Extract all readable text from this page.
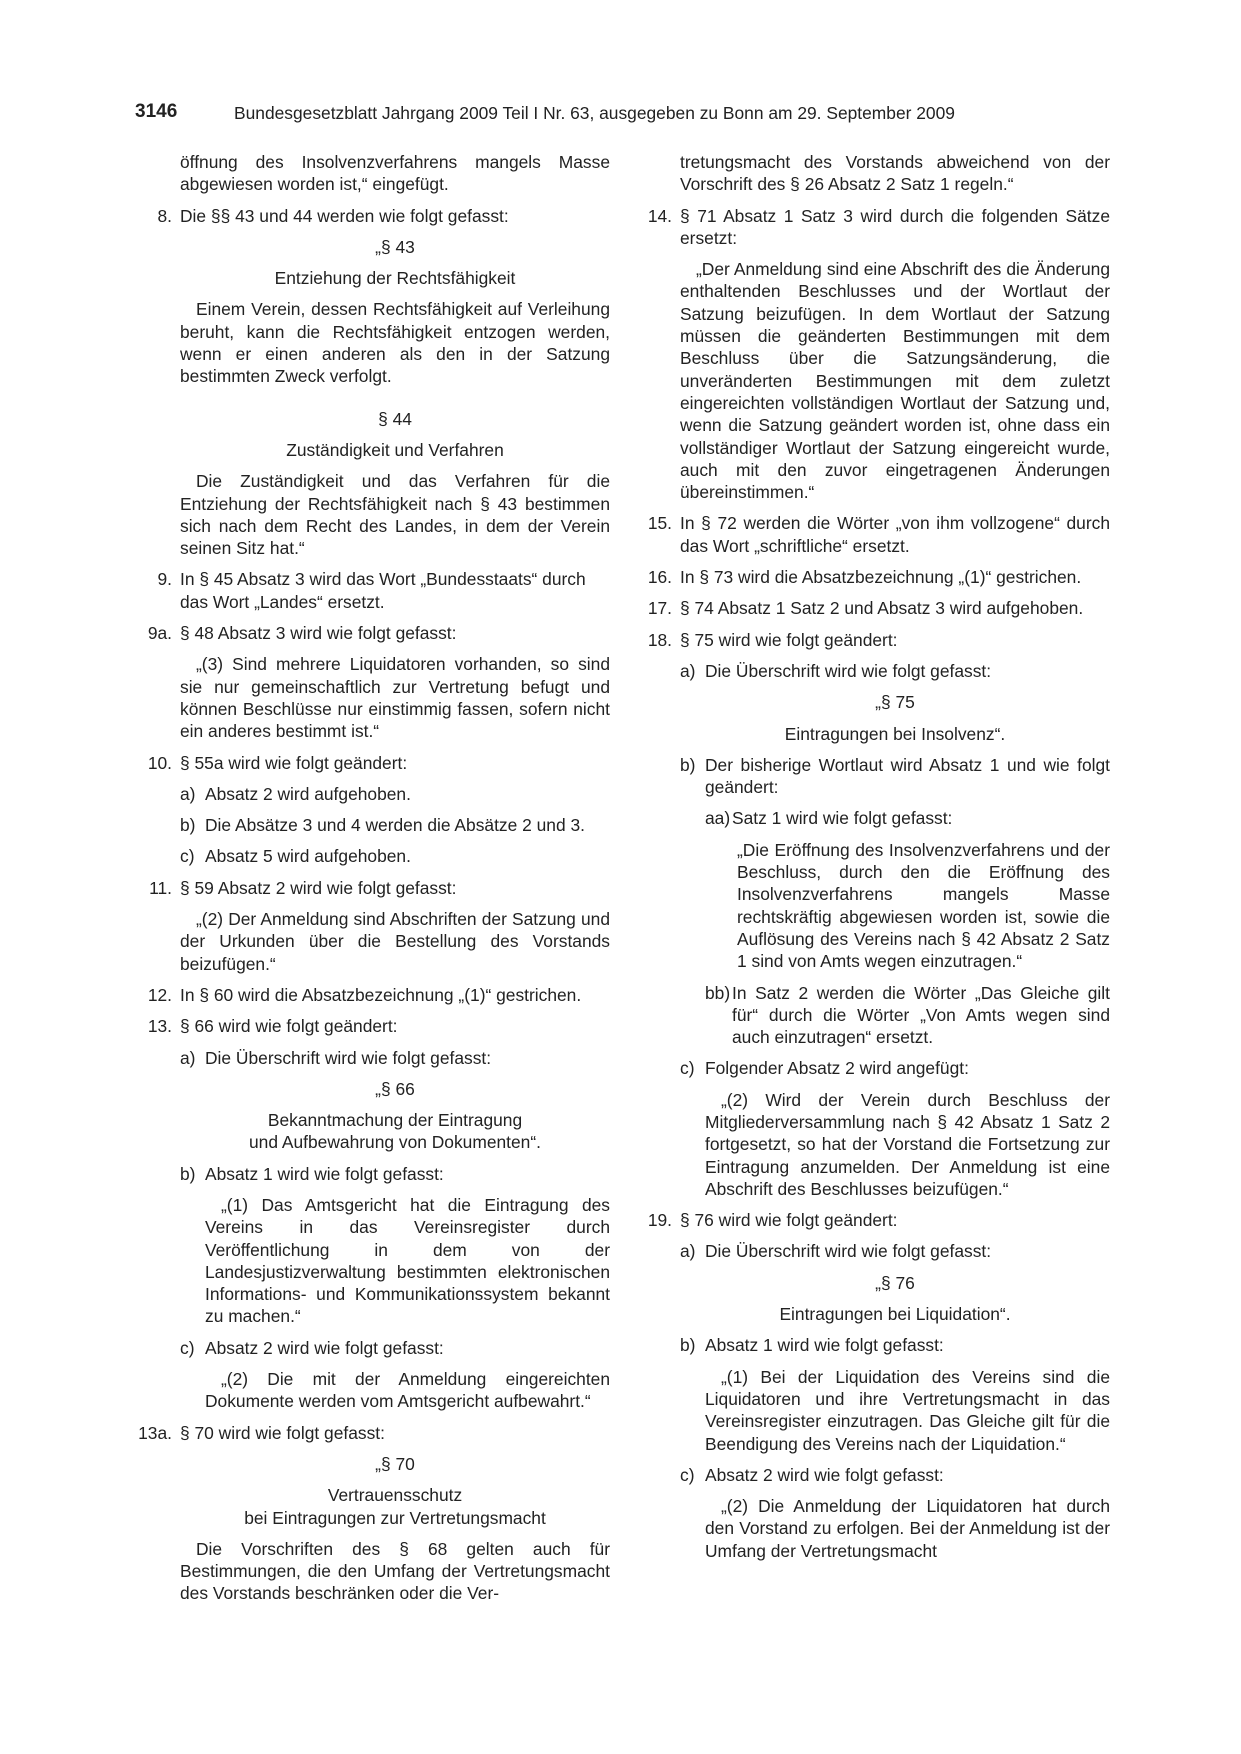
3146	Bundesgesetzblatt Jahrgang 2009 Teil I Nr. 63, ausgegeben zu Bonn am 29. September 2009
öffnung des Insolvenzverfahrens mangels Masse abgewiesen worden ist,“ eingefügt.
8. Die §§ 43 und 44 werden wie folgt gefasst:
„§ 43
Entziehung der Rechtsfähigkeit
Einem Verein, dessen Rechtsfähigkeit auf Verleihung beruht, kann die Rechtsfähigkeit entzogen werden, wenn er einen anderen als den in der Satzung bestimmten Zweck verfolgt.
§ 44
Zuständigkeit und Verfahren
Die Zuständigkeit und das Verfahren für die Entziehung der Rechtsfähigkeit nach § 43 bestimmen sich nach dem Recht des Landes, in dem der Verein seinen Sitz hat.“
9. In § 45 Absatz 3 wird das Wort „Bundesstaats“ durch das Wort „Landes“ ersetzt.
9a. § 48 Absatz 3 wird wie folgt gefasst:
„(3) Sind mehrere Liquidatoren vorhanden, so sind sie nur gemeinschaftlich zur Vertretung befugt und können Beschlüsse nur einstimmig fassen, sofern nicht ein anderes bestimmt ist.“
10. § 55a wird wie folgt geändert:
a) Absatz 2 wird aufgehoben.
b) Die Absätze 3 und 4 werden die Absätze 2 und 3.
c) Absatz 5 wird aufgehoben.
11. § 59 Absatz 2 wird wie folgt gefasst:
„(2) Der Anmeldung sind Abschriften der Satzung und der Urkunden über die Bestellung des Vorstands beizufügen.“
12. In § 60 wird die Absatzbezeichnung „(1)“ gestrichen.
13. § 66 wird wie folgt geändert:
a) Die Überschrift wird wie folgt gefasst:
„§ 66
Bekanntmachung der Eintragung
und Aufbewahrung von Dokumenten“.
b) Absatz 1 wird wie folgt gefasst:
„(1) Das Amtsgericht hat die Eintragung des Vereins in das Vereinsregister durch Veröffentlichung in dem von der Landesjustizverwaltung bestimmten elektronischen Informations- und Kommunikationssystem bekannt zu machen.“
c) Absatz 2 wird wie folgt gefasst:
„(2) Die mit der Anmeldung eingereichten Dokumente werden vom Amtsgericht aufbewahrt.“
13a. § 70 wird wie folgt gefasst:
„§ 70
Vertrauensschutz
bei Eintragungen zur Vertretungsmacht
Die Vorschriften des § 68 gelten auch für Bestimmungen, die den Umfang der Vertretungsmacht des Vorstands beschränken oder die Ver-
tretungsmacht des Vorstands abweichend von der Vorschrift des § 26 Absatz 2 Satz 1 regeln.“
14. § 71 Absatz 1 Satz 3 wird durch die folgenden Sätze ersetzt:
„Der Anmeldung sind eine Abschrift des die Änderung enthaltenden Beschlusses und der Wortlaut der Satzung beizufügen. In dem Wortlaut der Satzung müssen die geänderten Bestimmungen mit dem Beschluss über die Satzungsänderung, die unveränderten Bestimmungen mit dem zuletzt eingereichten vollständigen Wortlaut der Satzung und, wenn die Satzung geändert worden ist, ohne dass ein vollständiger Wortlaut der Satzung eingereicht wurde, auch mit den zuvor eingetragenen Änderungen übereinstimmen.“
15. In § 72 werden die Wörter „von ihm vollzogene“ durch das Wort „schriftliche“ ersetzt.
16. In § 73 wird die Absatzbezeichnung „(1)“ gestrichen.
17. § 74 Absatz 1 Satz 2 und Absatz 3 wird aufgehoben.
18. § 75 wird wie folgt geändert:
a) Die Überschrift wird wie folgt gefasst:
„§ 75
Eintragungen bei Insolvenz“.
b) Der bisherige Wortlaut wird Absatz 1 und wie folgt geändert:
aa) Satz 1 wird wie folgt gefasst:
„Die Eröffnung des Insolvenzverfahrens und der Beschluss, durch den die Eröffnung des Insolvenzverfahrens mangels Masse rechtskräftig abgewiesen worden ist, sowie die Auflösung des Vereins nach § 42 Absatz 2 Satz 1 sind von Amts wegen einzutragen.“
bb) In Satz 2 werden die Wörter „Das Gleiche gilt für“ durch die Wörter „Von Amts wegen sind auch einzutragen“ ersetzt.
c) Folgender Absatz 2 wird angefügt:
„(2) Wird der Verein durch Beschluss der Mitgliederversammlung nach § 42 Absatz 1 Satz 2 fortgesetzt, so hat der Vorstand die Fortsetzung zur Eintragung anzumelden. Der Anmeldung ist eine Abschrift des Beschlusses beizufügen.“
19. § 76 wird wie folgt geändert:
a) Die Überschrift wird wie folgt gefasst:
„§ 76
Eintragungen bei Liquidation“.
b) Absatz 1 wird wie folgt gefasst:
„(1) Bei der Liquidation des Vereins sind die Liquidatoren und ihre Vertretungsmacht in das Vereinsregister einzutragen. Das Gleiche gilt für die Beendigung des Vereins nach der Liquidation.“
c) Absatz 2 wird wie folgt gefasst:
„(2) Die Anmeldung der Liquidatoren hat durch den Vorstand zu erfolgen. Bei der Anmeldung ist der Umfang der Vertretungsmacht
